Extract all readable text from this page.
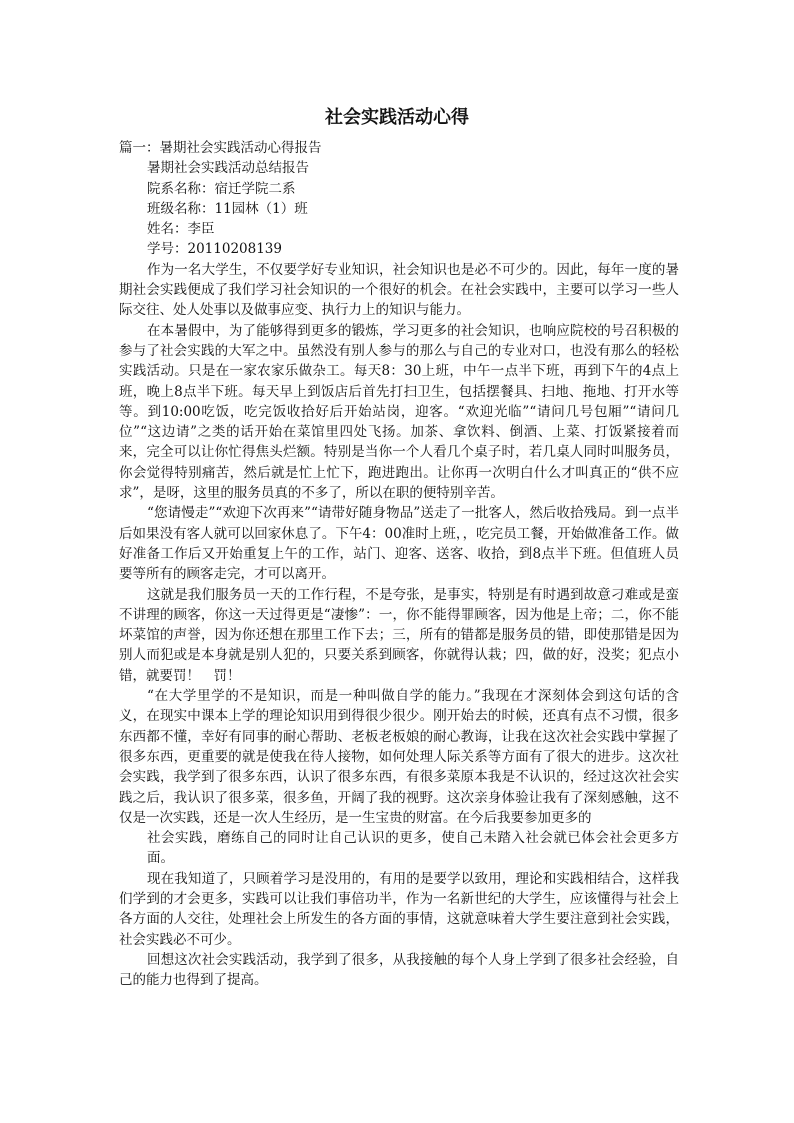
社会实践活动心得

篇一：暑期社会实践活动心得报告

暑期社会实践活动总结报告

院系名称：宿迁学院二系

班级名称：11园林（1）班

姓名：李臣

学号：20110208139

作为一名大学生，不仅要学好专业知识，社会知识也是必不可少的。因此，每年一度的暑期社会实践便成了我们学习社会知识的一个很好的机会。在社会实践中，主要可以学习一些人际交往、处人处事以及做事应变、执行力上的知识与能力。

在本暑假中，为了能够得到更多的锻炼，学习更多的社会知识，也响应院校的号召积极的参与了社会实践的大军之中。虽然没有别人参与的那么与自己的专业对口，也没有那么的轻松实践活动。只是在一家农家乐做杂工。每天8：30上班，中午一点半下班，再到下午的4点上班，晚上8点半下班。每天早上到饭店后首先打扫卫生，包括摆餐具、扫地、拖地、打开水等等。到10:00吃饭，吃完饭收拾好后开始站岗，迎客。“欢迎光临”“请问几号包厢”“请问几位”“这边请”之类的话开始在菜馆里四处飞扬。加茶、拿饮料、倒酒、上菜、打饭紧接着而来，完全可以让你忙得焦头烂额。特别是当你一个人看几个桌子时，若几桌人同时叫服务员，你会觉得特别痛苦，然后就是忙上忙下，跑进跑出。让你再一次明白什么才叫真正的“供不应求”，是呀，这里的服务员真的不多了，所以在职的便特别辛苦。

“您请慢走”“欢迎下次再来”“请带好随身物品”送走了一批客人，然后收拾残局。到一点半后如果没有客人就可以回家休息了。下午4：00准时上班，，吃完员工餐，开始做准备工作。做好准备工作后又开始重复上午的工作，站门、迎客、送客、收拾，到8点半下班。但值班人员要等所有的顾客走完，才可以离开。

这就是我们服务员一天的工作行程，不是夸张，是事实，特别是有时遇到故意刁难或是蛮不讲理的顾客，你这一天过得更是“凄惨”：一，你不能得罪顾客，因为他是上帝；二，你不能坏菜馆的声誉，因为你还想在那里工作下去；三，所有的错都是服务员的错，即使那错是因为别人而犯或是本身就是别人犯的，只要关系到顾客，你就得认栽；四，做的好，没奖；犯点小错，就要罚！　罚！

“在大学里学的不是知识，而是一种叫做自学的能力。”我现在才深刻体会到这句话的含义，在现实中课本上学的理论知识用到得很少很少。刚开始去的时候，还真有点不习惯，很多东西都不懂，幸好有同事的耐心帮助、老板老板娘的耐心教诲，让我在这次社会实践中掌握了很多东西，更重要的就是使我在待人接物，如何处理人际关系等方面有了很大的进步。这次社会实践，我学到了很多东西，认识了很多东西，有很多菜原本我是不认识的，经过这次社会实践之后，我认识了很多菜，很多鱼，开阔了我的视野。这次亲身体验让我有了深刻感触，这不仅是一次实践，还是一次人生经历，是一生宝贵的财富。在今后我要参加更多的

社会实践，磨练自己的同时让自己认识的更多，使自己未踏入社会就已体会社会更多方面。

现在我知道了，只顾着学习是没用的，有用的是要学以致用，理论和实践相结合，这样我们学到的才会更多，实践可以让我们事倍功半，作为一名新世纪的大学生，应该懂得与社会上各方面的人交往，处理社会上所发生的各方面的事情，这就意味着大学生要注意到社会实践，社会实践必不可少。

回想这次社会实践活动，我学到了很多，从我接触的每个人身上学到了很多社会经验，自己的能力也得到了提高。
